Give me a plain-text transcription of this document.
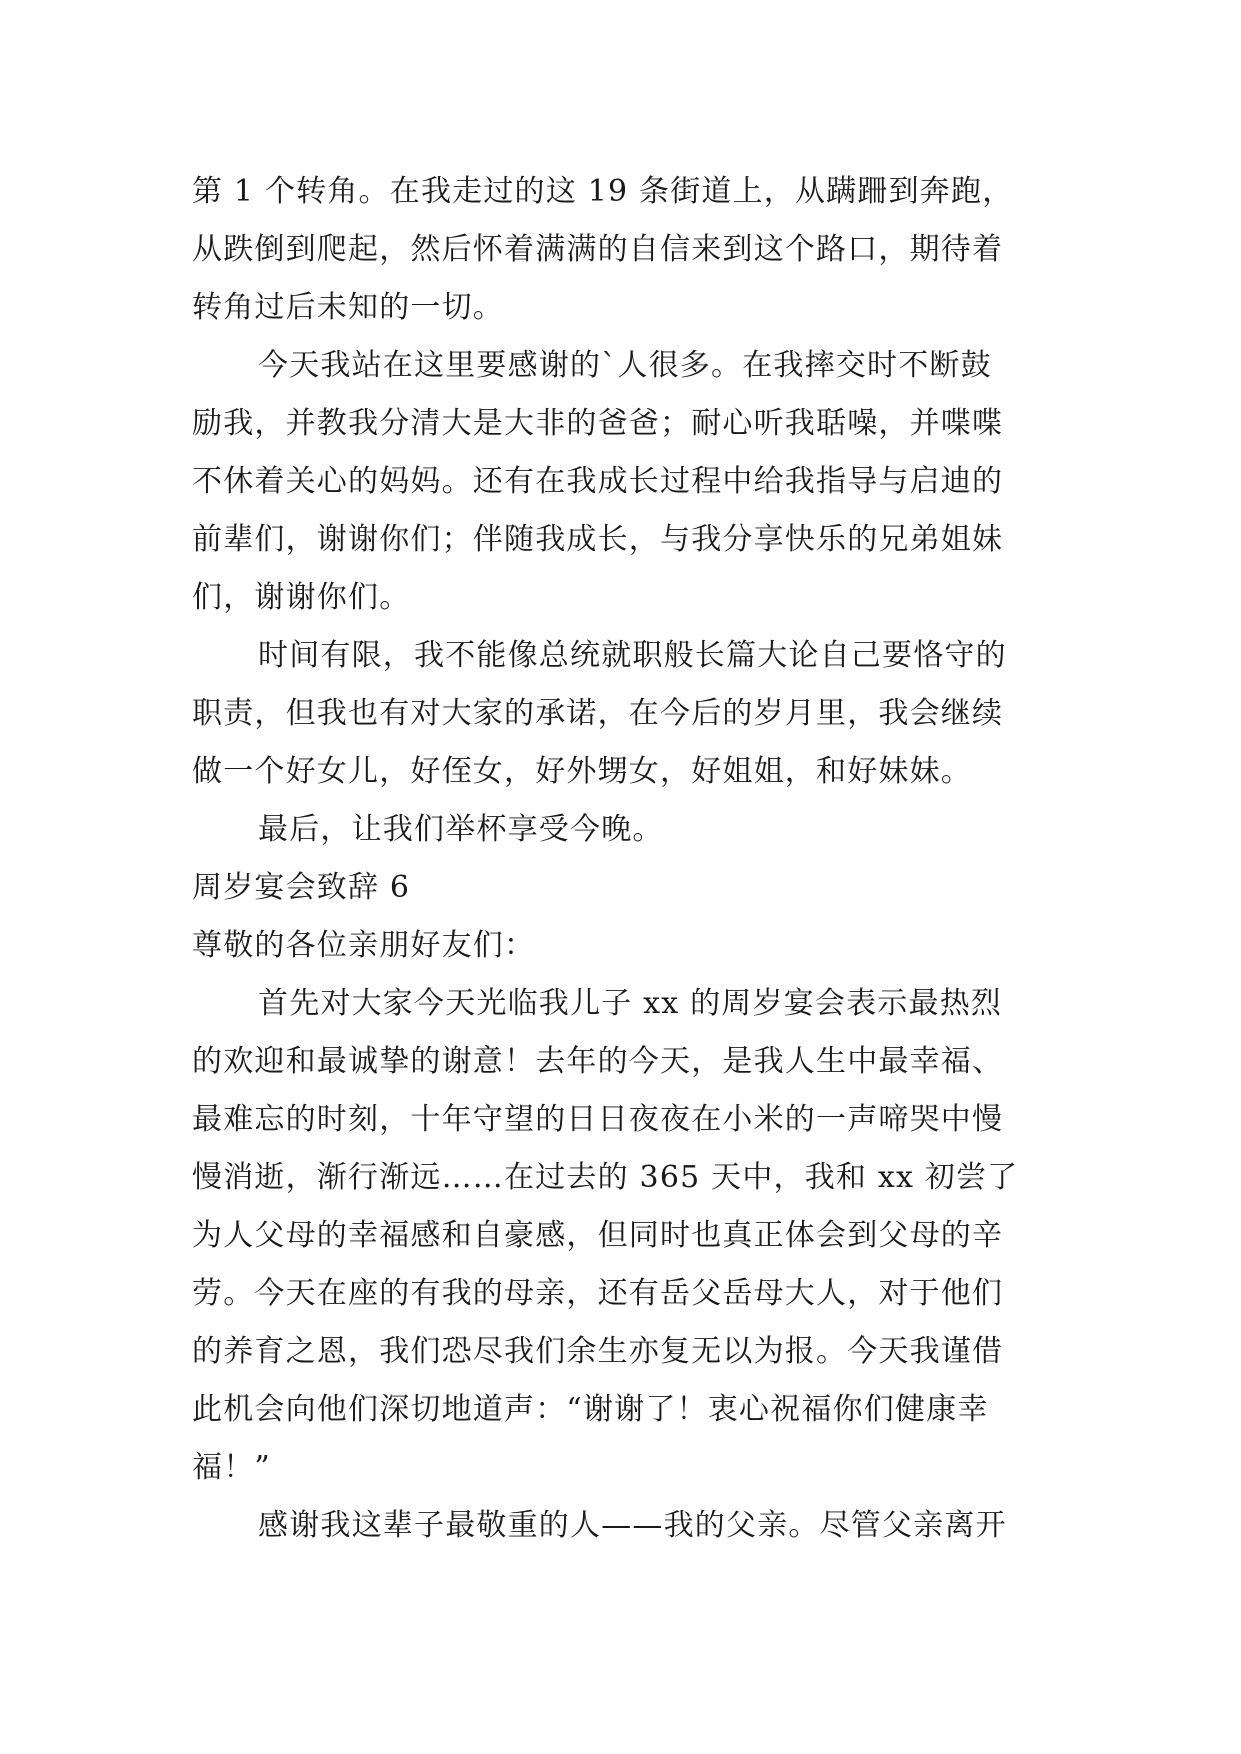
第 1 个转角。在我走过的这 19 条街道上，从蹒跚到奔跑，
从跌倒到爬起，然后怀着满满的自信来到这个路口，期待着
转角过后未知的一切。
今天我站在这里要感谢的`人很多。在我摔交时不断鼓
励我，并教我分清大是大非的爸爸；耐心听我聒噪，并喋喋
不休着关心的妈妈。还有在我成长过程中给我指导与启迪的
前辈们，谢谢你们；伴随我成长，与我分享快乐的兄弟姐妹
们，谢谢你们。
时间有限，我不能像总统就职般长篇大论自己要恪守的
职责，但我也有对大家的承诺，在今后的岁月里，我会继续
做一个好女儿，好侄女，好外甥女，好姐姐，和好妹妹。
最后，让我们举杯享受今晚。
周岁宴会致辞 6
尊敬的各位亲朋好友们：
首先对大家今天光临我儿子 xx 的周岁宴会表示最热烈
的欢迎和最诚挚的谢意！去年的今天，是我人生中最幸福、
最难忘的时刻，十年守望的日日夜夜在小米的一声啼哭中慢
慢消逝，渐行渐远……在过去的 365 天中，我和 xx 初尝了
为人父母的幸福感和自豪感，但同时也真正体会到父母的辛
劳。今天在座的有我的母亲，还有岳父岳母大人，对于他们
的养育之恩，我们恐尽我们余生亦复无以为报。今天我谨借
此机会向他们深切地道声：“谢谢了！衷心祝福你们健康幸
福！”
感谢我这辈子最敬重的人——我的父亲。尽管父亲离开
